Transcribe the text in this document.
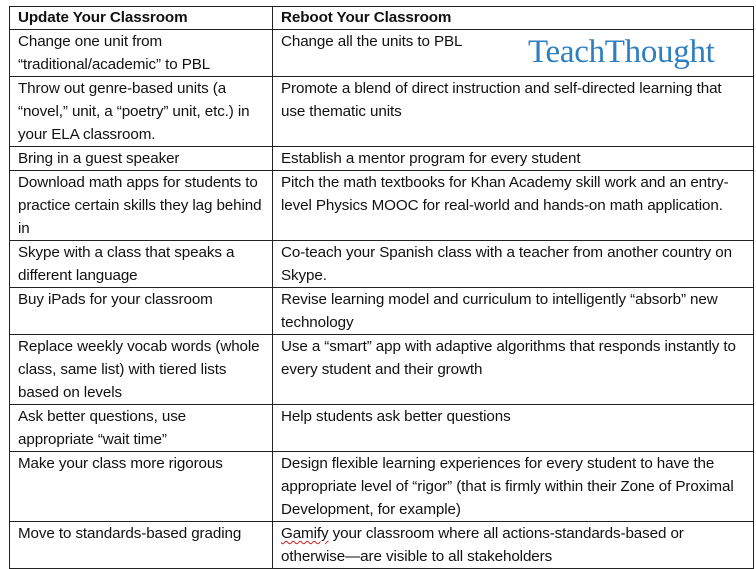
Update Your Classroom	Reboot Your Classroom
Change one unit from “traditional/academic” to PBL	Change all the units to PBL
Throw out genre-based units (a “novel,” unit, a “poetry” unit, etc.) in your ELA classroom.	Promote a blend of direct instruction and self-directed learning that use thematic units
Bring in a guest speaker	Establish a mentor program for every student
Download math apps for students to practice certain skills they lag behind in	Pitch the math textbooks for Khan Academy skill work and an entry-level Physics MOOC for real-world and hands-on math application.
Skype with a class that speaks a different language	Co-teach your Spanish class with a teacher from another country on Skype.
Buy iPads for your classroom	Revise learning model and curriculum to intelligently “absorb” new technology
Replace weekly vocab words (whole class, same list) with tiered lists based on levels	Use a “smart” app with adaptive algorithms that responds instantly to every student and their growth
Ask better questions, use appropriate “wait time”	Help students ask better questions
Make your class more rigorous	Design flexible learning experiences for every student to have the appropriate level of “rigor” (that is firmly within their Zone of Proximal Development, for example)
Move to standards-based grading	Gamify your classroom where all actions-standards-based or otherwise—are visible to all stakeholders
TeachThought
